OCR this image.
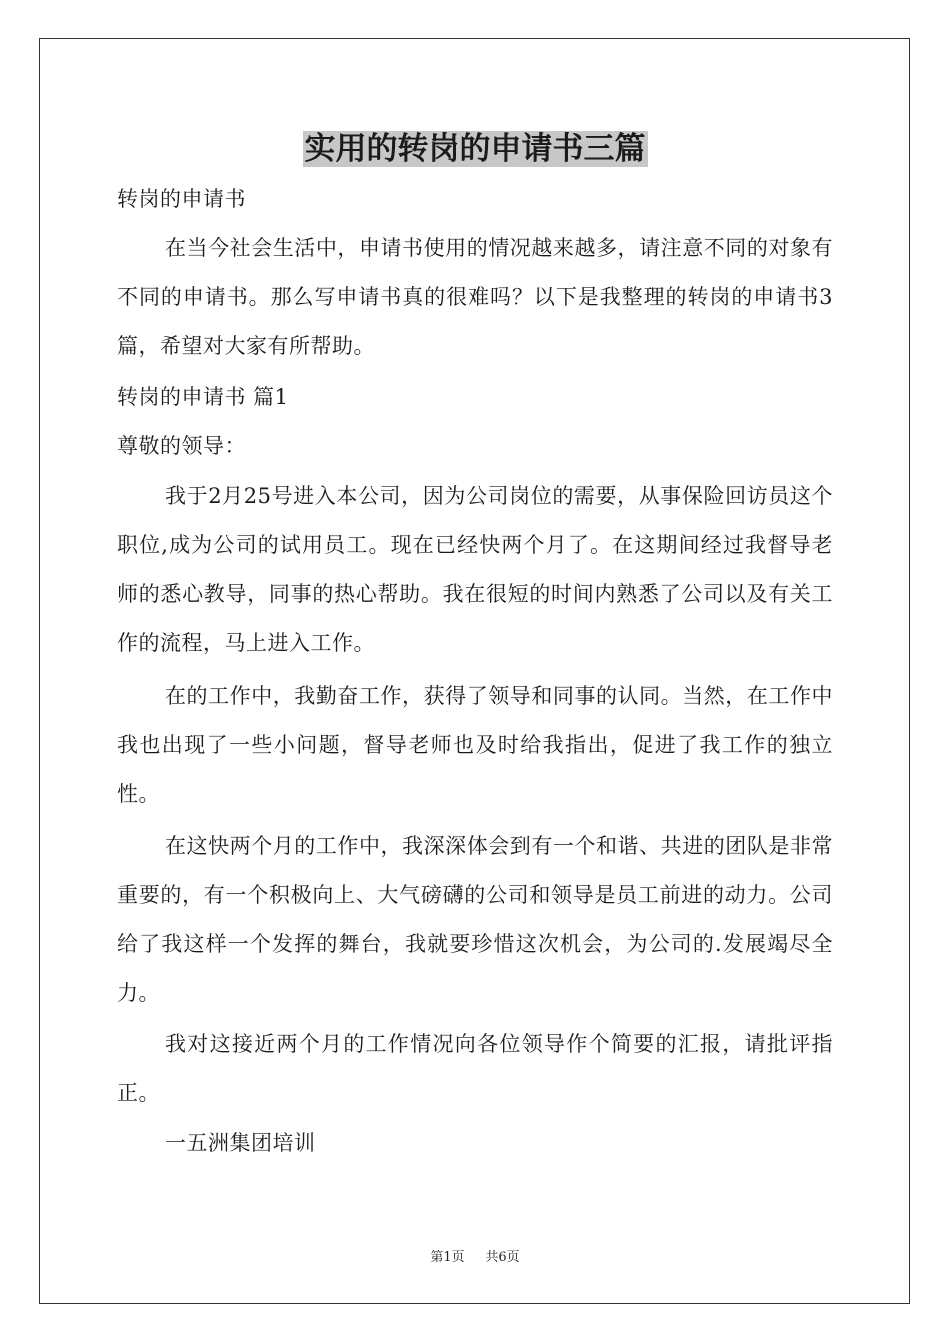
实用的转岗的申请书三篇

转岗的申请书

在当今社会生活中，申请书使用的情况越来越多，请注意不同的对象有不同的申请书。那么写申请书真的很难吗？以下是我整理的转岗的申请书3篇，希望对大家有所帮助。

转岗的申请书 篇1

尊敬的领导：

我于2月25号进入本公司，因为公司岗位的需要，从事保险回访员这个职位,成为公司的试用员工。现在已经快两个月了。在这期间经过我督导老师的悉心教导，同事的热心帮助。我在很短的时间内熟悉了公司以及有关工作的流程，马上进入工作。

在的工作中，我勤奋工作，获得了领导和同事的认同。当然，在工作中我也出现了一些小问题，督导老师也及时给我指出，促进了我工作的独立性。

在这快两个月的工作中，我深深体会到有一个和谐、共进的团队是非常重要的，有一个积极向上、大气磅礴的公司和领导是员工前进的动力。公司给了我这样一个发挥的舞台，我就要珍惜这次机会，为公司的.发展竭尽全力。

我对这接近两个月的工作情况向各位领导作个简要的汇报，请批评指正。

一五洲集团培训

第1页 共6页
